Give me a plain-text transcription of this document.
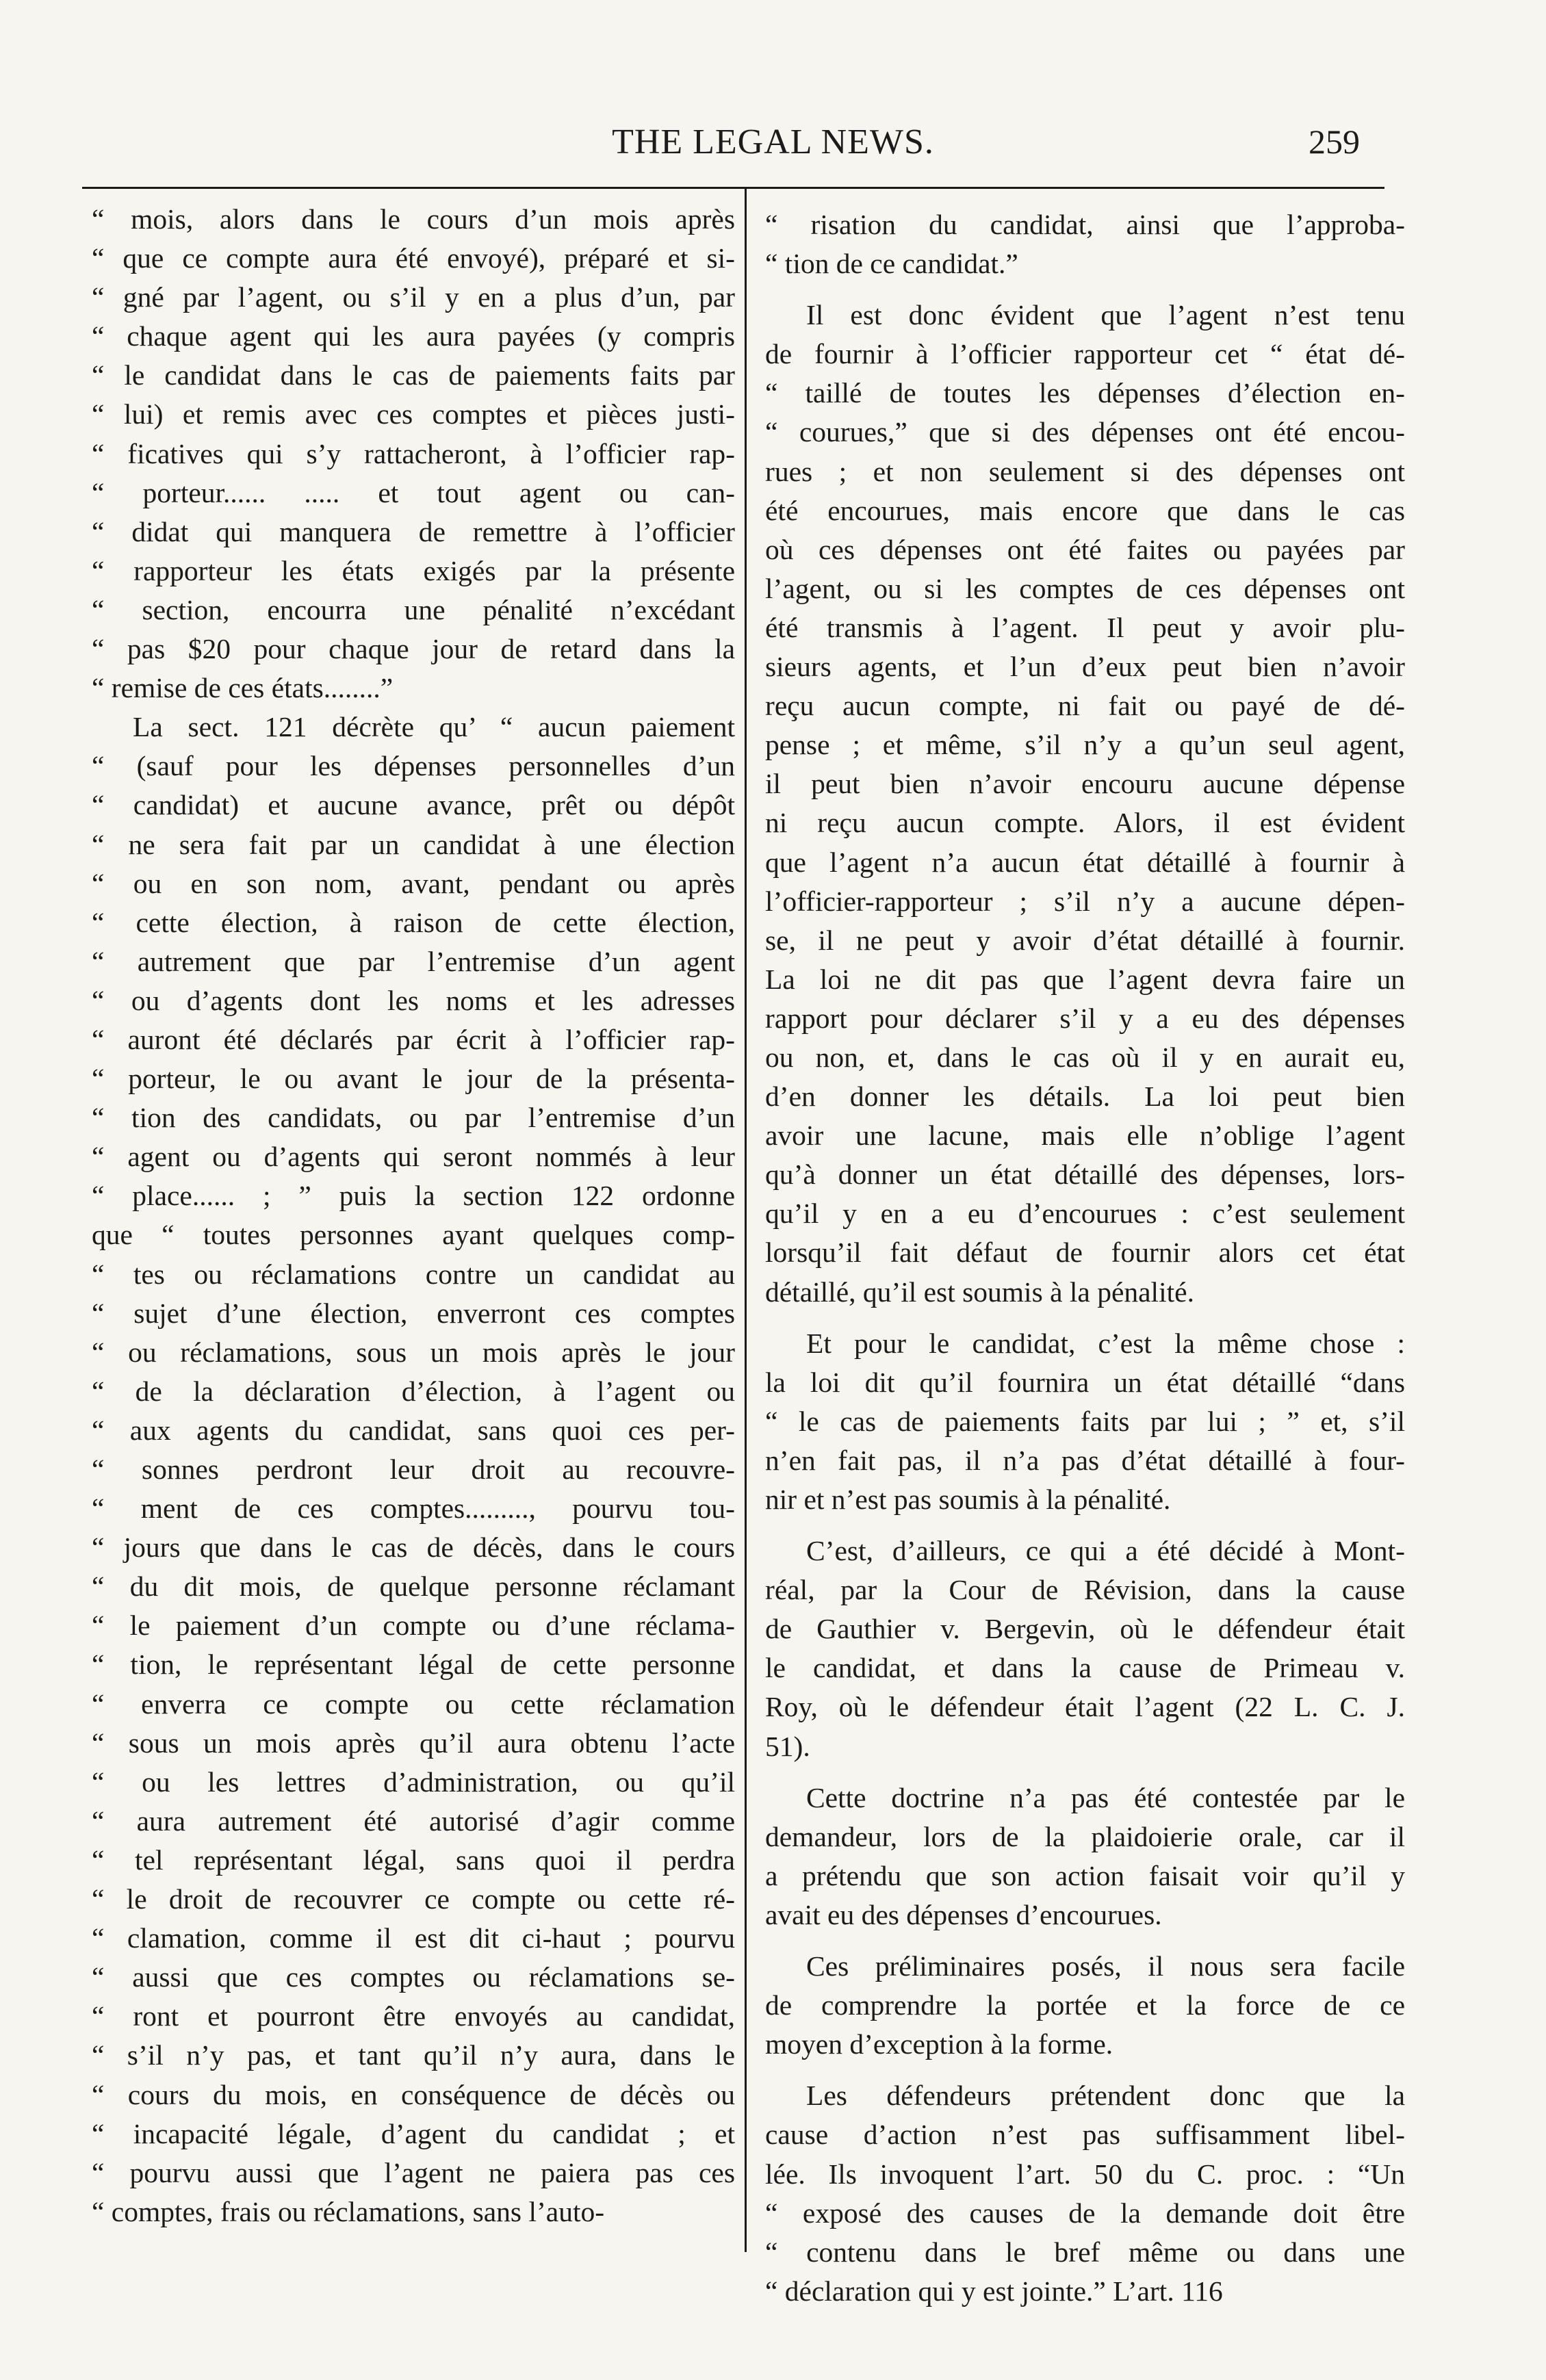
THE LEGAL NEWS.	259
“ mois, alors dans le cours d’un mois après
“ que ce compte aura été envoyé), préparé et si-
“ gné par l’agent, ou s’il y en a plus d’un, par
“ chaque agent qui les aura payées (y compris
“ le candidat dans le cas de paiements faits par
“ lui) et remis avec ces comptes et pièces justi-
“ ficatives qui s’y rattacheront, à l’officier rap-
“ porteur...... ..... et tout agent ou can-
“ didat qui manquera de remettre à l’officier
“ rapporteur les états exigés par la présente
“ section, encourra une pénalité n’excédant
“ pas $20 pour chaque jour de retard dans la
“ remise de ces états........”
La sect. 121 décrète qu’ “ aucun paiement
“ (sauf pour les dépenses personnelles d’un
“ candidat) et aucune avance, prêt ou dépôt
“ ne sera fait par un candidat à une élection
“ ou en son nom, avant, pendant ou après
“ cette élection, à raison de cette élection,
“ autrement que par l’entremise d’un agent
“ ou d’agents dont les noms et les adresses
“ auront été déclarés par écrit à l’officier rap-
“ porteur, le ou avant le jour de la présenta-
“ tion des candidats, ou par l’entremise d’un
“ agent ou d’agents qui seront nommés à leur
“ place...... ; ” puis la section 122 ordonne
que “ toutes personnes ayant quelques comp-
“ tes ou réclamations contre un candidat au
“ sujet d’une élection, enverront ces comptes
“ ou réclamations, sous un mois après le jour
“ de la déclaration d’élection, à l’agent ou
“ aux agents du candidat, sans quoi ces per-
“ sonnes perdront leur droit au recouvre-
“ ment de ces comptes........., pourvu tou-
“ jours que dans le cas de décès, dans le cours
“ du dit mois, de quelque personne réclamant
“ le paiement d’un compte ou d’une réclama-
“ tion, le représentant légal de cette personne
“ enverra ce compte ou cette réclamation
“ sous un mois après qu’il aura obtenu l’acte
“ ou les lettres d’administration, ou qu’il
“ aura autrement été autorisé d’agir comme
“ tel représentant légal, sans quoi il perdra
“ le droit de recouvrer ce compte ou cette ré-
“ clamation, comme il est dit ci-haut ; pourvu
“ aussi que ces comptes ou réclamations se-
“ ront et pourront être envoyés au candidat,
“ s’il n’y pas, et tant qu’il n’y aura, dans le
“ cours du mois, en conséquence de décès ou
“ incapacité légale, d’agent du candidat ; et
“ pourvu aussi que l’agent ne paiera pas ces
“ comptes, frais ou réclamations, sans l’auto-
“ risation du candidat, ainsi que l’approba-
“ tion de ce candidat.”
Il est donc évident que l’agent n’est tenu
de fournir à l’officier rapporteur cet “ état dé-
“ taillé de toutes les dépenses d’élection en-
“ courues,” que si des dépenses ont été encou-
rues ; et non seulement si des dépenses ont
été encourues, mais encore que dans le cas
où ces dépenses ont été faites ou payées par
l’agent, ou si les comptes de ces dépenses ont
été transmis à l’agent. Il peut y avoir plu-
sieurs agents, et l’un d’eux peut bien n’avoir
reçu aucun compte, ni fait ou payé de dé-
pense ; et même, s’il n’y a qu’un seul agent,
il peut bien n’avoir encouru aucune dépense
ni reçu aucun compte. Alors, il est évident
que l’agent n’a aucun état détaillé à fournir à
l’officier-rapporteur ; s’il n’y a aucune dépen-
se, il ne peut y avoir d’état détaillé à fournir.
La loi ne dit pas que l’agent devra faire un
rapport pour déclarer s’il y a eu des dépenses
ou non, et, dans le cas où il y en aurait eu,
d’en donner les détails. La loi peut bien
avoir une lacune, mais elle n’oblige l’agent
qu’à donner un état détaillé des dépenses, lors-
qu’il y en a eu d’encourues : c’est seulement
lorsqu’il fait défaut de fournir alors cet état
détaillé, qu’il est soumis à la pénalité.
Et pour le candidat, c’est la même chose :
la loi dit qu’il fournira un état détaillé “dans
“ le cas de paiements faits par lui ; ” et, s’il
n’en fait pas, il n’a pas d’état détaillé à four-
nir et n’est pas soumis à la pénalité.
C’est, d’ailleurs, ce qui a été décidé à Mont-
réal, par la Cour de Révision, dans la cause
de Gauthier v. Bergevin, où le défendeur était
le candidat, et dans la cause de Primeau v.
Roy, où le défendeur était l’agent (22 L. C. J.
51).
Cette doctrine n’a pas été contestée par le
demandeur, lors de la plaidoierie orale, car il
a prétendu que son action faisait voir qu’il y
avait eu des dépenses d’encourues.
Ces préliminaires posés, il nous sera facile
de comprendre la portée et la force de ce
moyen d’exception à la forme.
Les défendeurs prétendent donc que la
cause d’action n’est pas suffisamment libel-
lée. Ils invoquent l’art. 50 du C. proc. : “Un
“ exposé des causes de la demande doit être
“ contenu dans le bref même ou dans une
“ déclaration qui y est jointe.” L’art. 116
